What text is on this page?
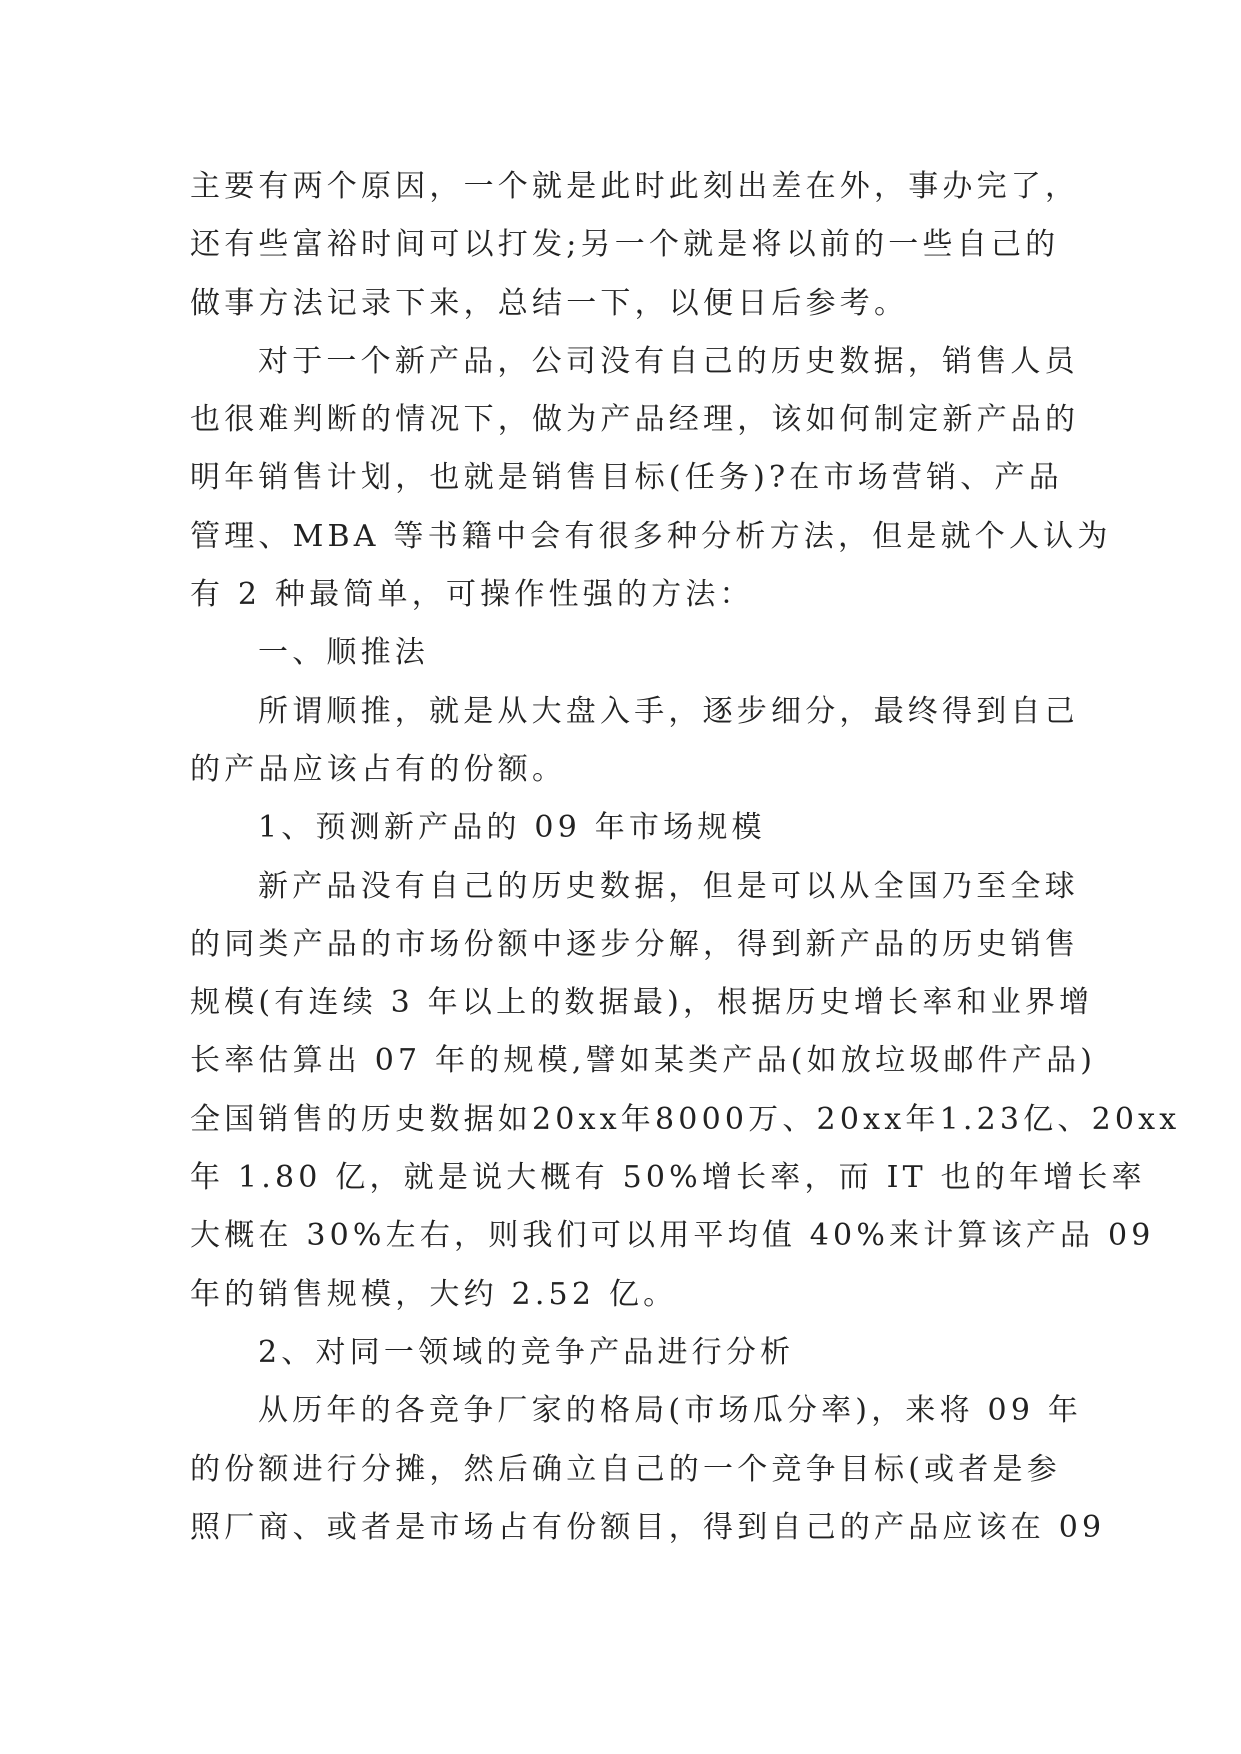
主要有两个原因，一个就是此时此刻出差在外，事办完了，
还有些富裕时间可以打发;另一个就是将以前的一些自己的
做事方法记录下来，总结一下，以便日后参考。

对于一个新产品，公司没有自己的历史数据，销售人员
也很难判断的情况下，做为产品经理，该如何制定新产品的
明年销售计划，也就是销售目标(任务)?在市场营销、产品
管理、MBA 等书籍中会有很多种分析方法，但是就个人认为
有 2 种最简单，可操作性强的方法：

一、顺推法

所谓顺推，就是从大盘入手，逐步细分，最终得到自己
的产品应该占有的份额。

1、预测新产品的 09 年市场规模

新产品没有自己的历史数据，但是可以从全国乃至全球
的同类产品的市场份额中逐步分解，得到新产品的历史销售
规模(有连续 3 年以上的数据最)，根据历史增长率和业界增
长率估算出 07 年的规模,譬如某类产品(如放垃圾邮件产品)
全国销售的历史数据如20xx年8000万、20xx年1.23亿、20xx
年 1.80 亿，就是说大概有 50%增长率，而 IT 也的年增长率
大概在 30%左右，则我们可以用平均值 40%来计算该产品 09
年的销售规模，大约 2.52 亿。

2、对同一领域的竞争产品进行分析

从历年的各竞争厂家的格局(市场瓜分率)，来将 09 年
的份额进行分摊，然后确立自己的一个竞争目标(或者是参
照厂商、或者是市场占有份额目，得到自己的产品应该在 09
